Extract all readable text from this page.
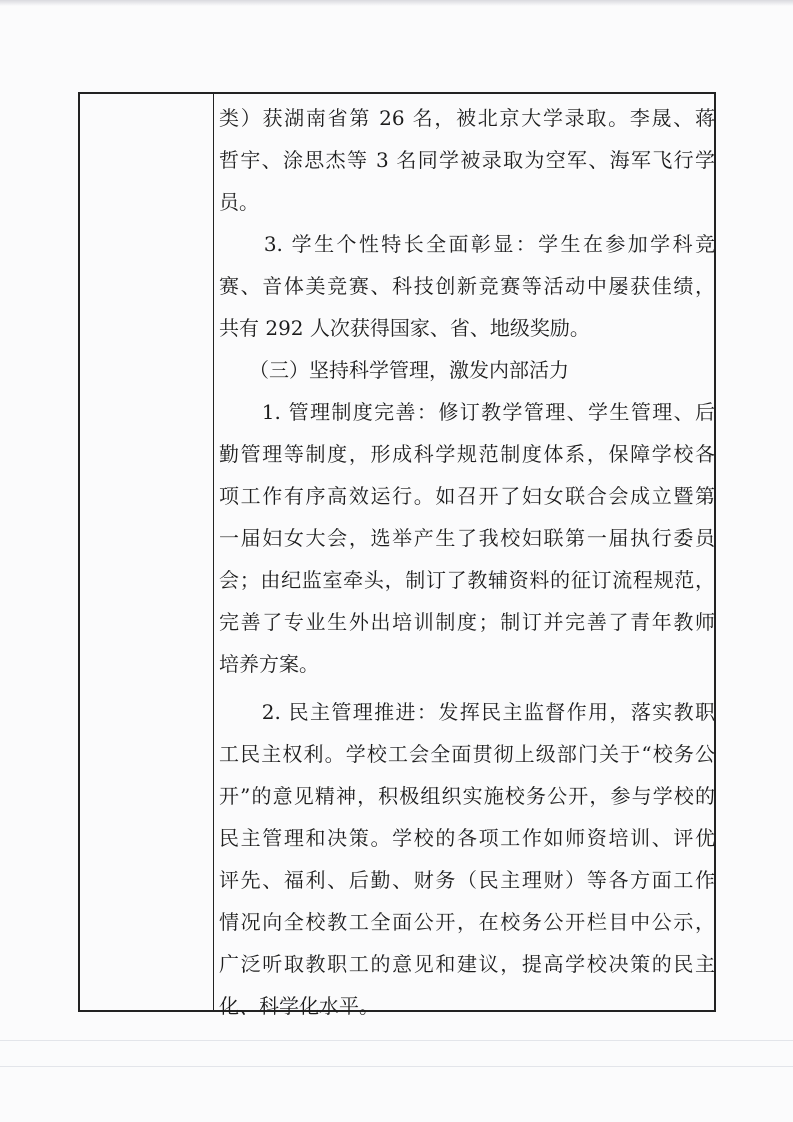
类）获湖南省第 26 名，被北京大学录取。李晟、蒋
哲宇、涂思杰等 3 名同学被录取为空军、海军飞行学
员。
　　3. 学生个性特长全面彰显：学生在参加学科竞
赛、音体美竞赛、科技创新竞赛等活动中屡获佳绩，
共有 292 人次获得国家、省、地级奖励。
　　（三）坚持科学管理，激发内部活力
　　1. 管理制度完善：修订教学管理、学生管理、后
勤管理等制度，形成科学规范制度体系，保障学校各
项工作有序高效运行。如召开了妇女联合会成立暨第
一届妇女大会，选举产生了我校妇联第一届执行委员
会；由纪监室牵头，制订了教辅资料的征订流程规范，
完善了专业生外出培训制度；制订并完善了青年教师
培养方案。
　　2. 民主管理推进：发挥民主监督作用，落实教职
工民主权利。学校工会全面贯彻上级部门关于“校务公
开”的意见精神，积极组织实施校务公开，参与学校的
民主管理和决策。学校的各项工作如师资培训、评优
评先、福利、后勤、财务（民主理财）等各方面工作
情况向全校教工全面公开，在校务公开栏目中公示，
广泛听取教职工的意见和建议，提高学校决策的民主
化、科学化水平。
